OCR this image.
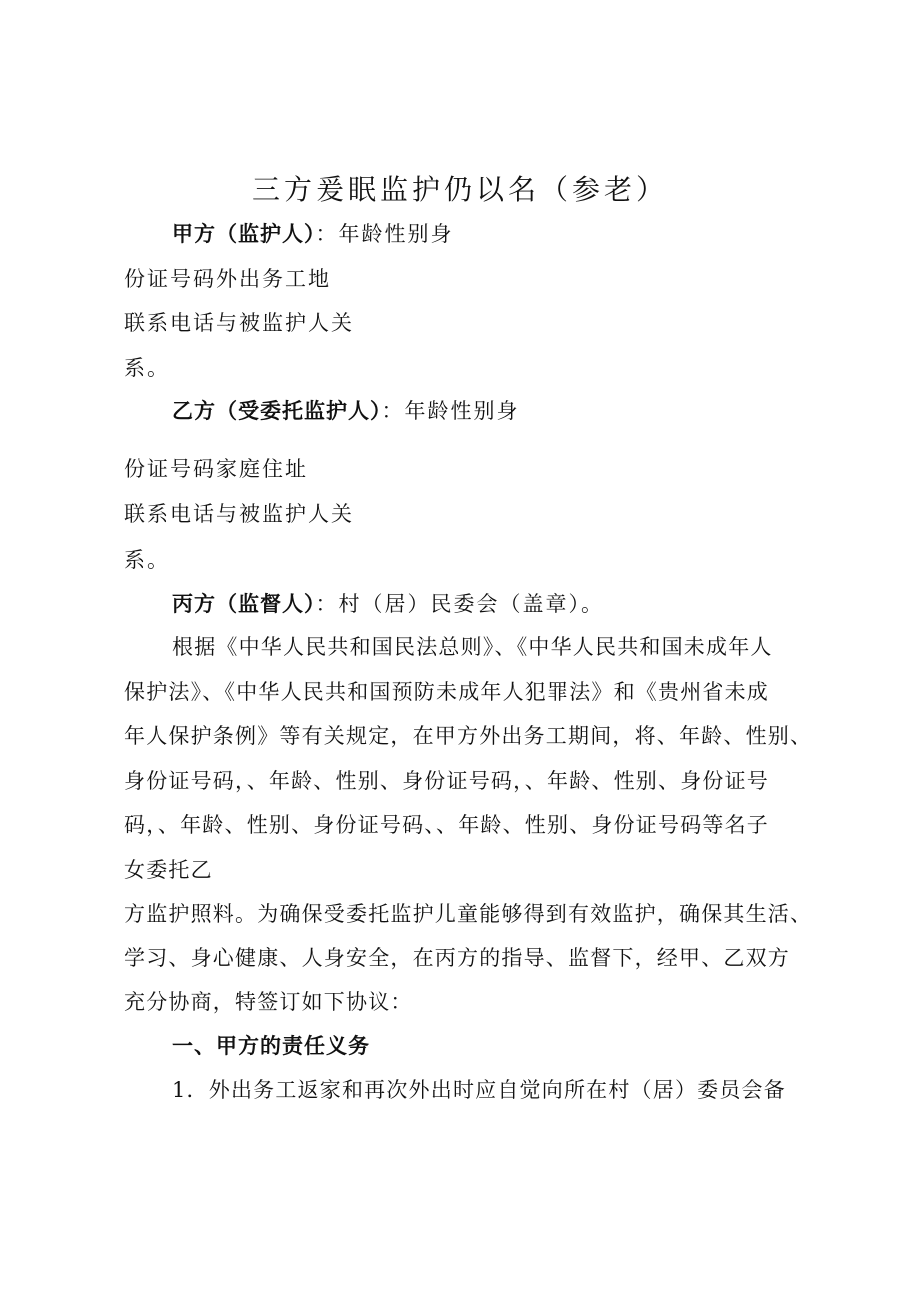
三方爰眠监护仍以名（参老）

甲方（监护人）：年龄性别身

份证号码外出务工地

联系电话与被监护人关

系。

乙方（受委托监护人）：年龄性别身

份证号码家庭住址

联系电话与被监护人关

系。

丙方（监督人）：村（居）民委会（盖章）。

根据《中华人民共和国民法总则》、《中华人民共和国未成年人

保护法》、《中华人民共和国预防未成年人犯罪法》和《贵州省未成

年人保护条例》等有关规定，在甲方外出务工期间，将、年龄、性别、

身份证号码，、年龄、性别、身份证号码，、年龄、性别、身份证号

码，、年龄、性别、身份证号码、、年龄、性别、身份证号码等名子

女委托乙

方监护照料。为确保受委托监护儿童能够得到有效监护，确保其生活、

学习、身心健康、人身安全，在丙方的指导、监督下，经甲、乙双方

充分协商，特签订如下协议：

一、甲方的责任义务

1．外出务工返家和再次外出时应自觉向所在村（居）委员会备
